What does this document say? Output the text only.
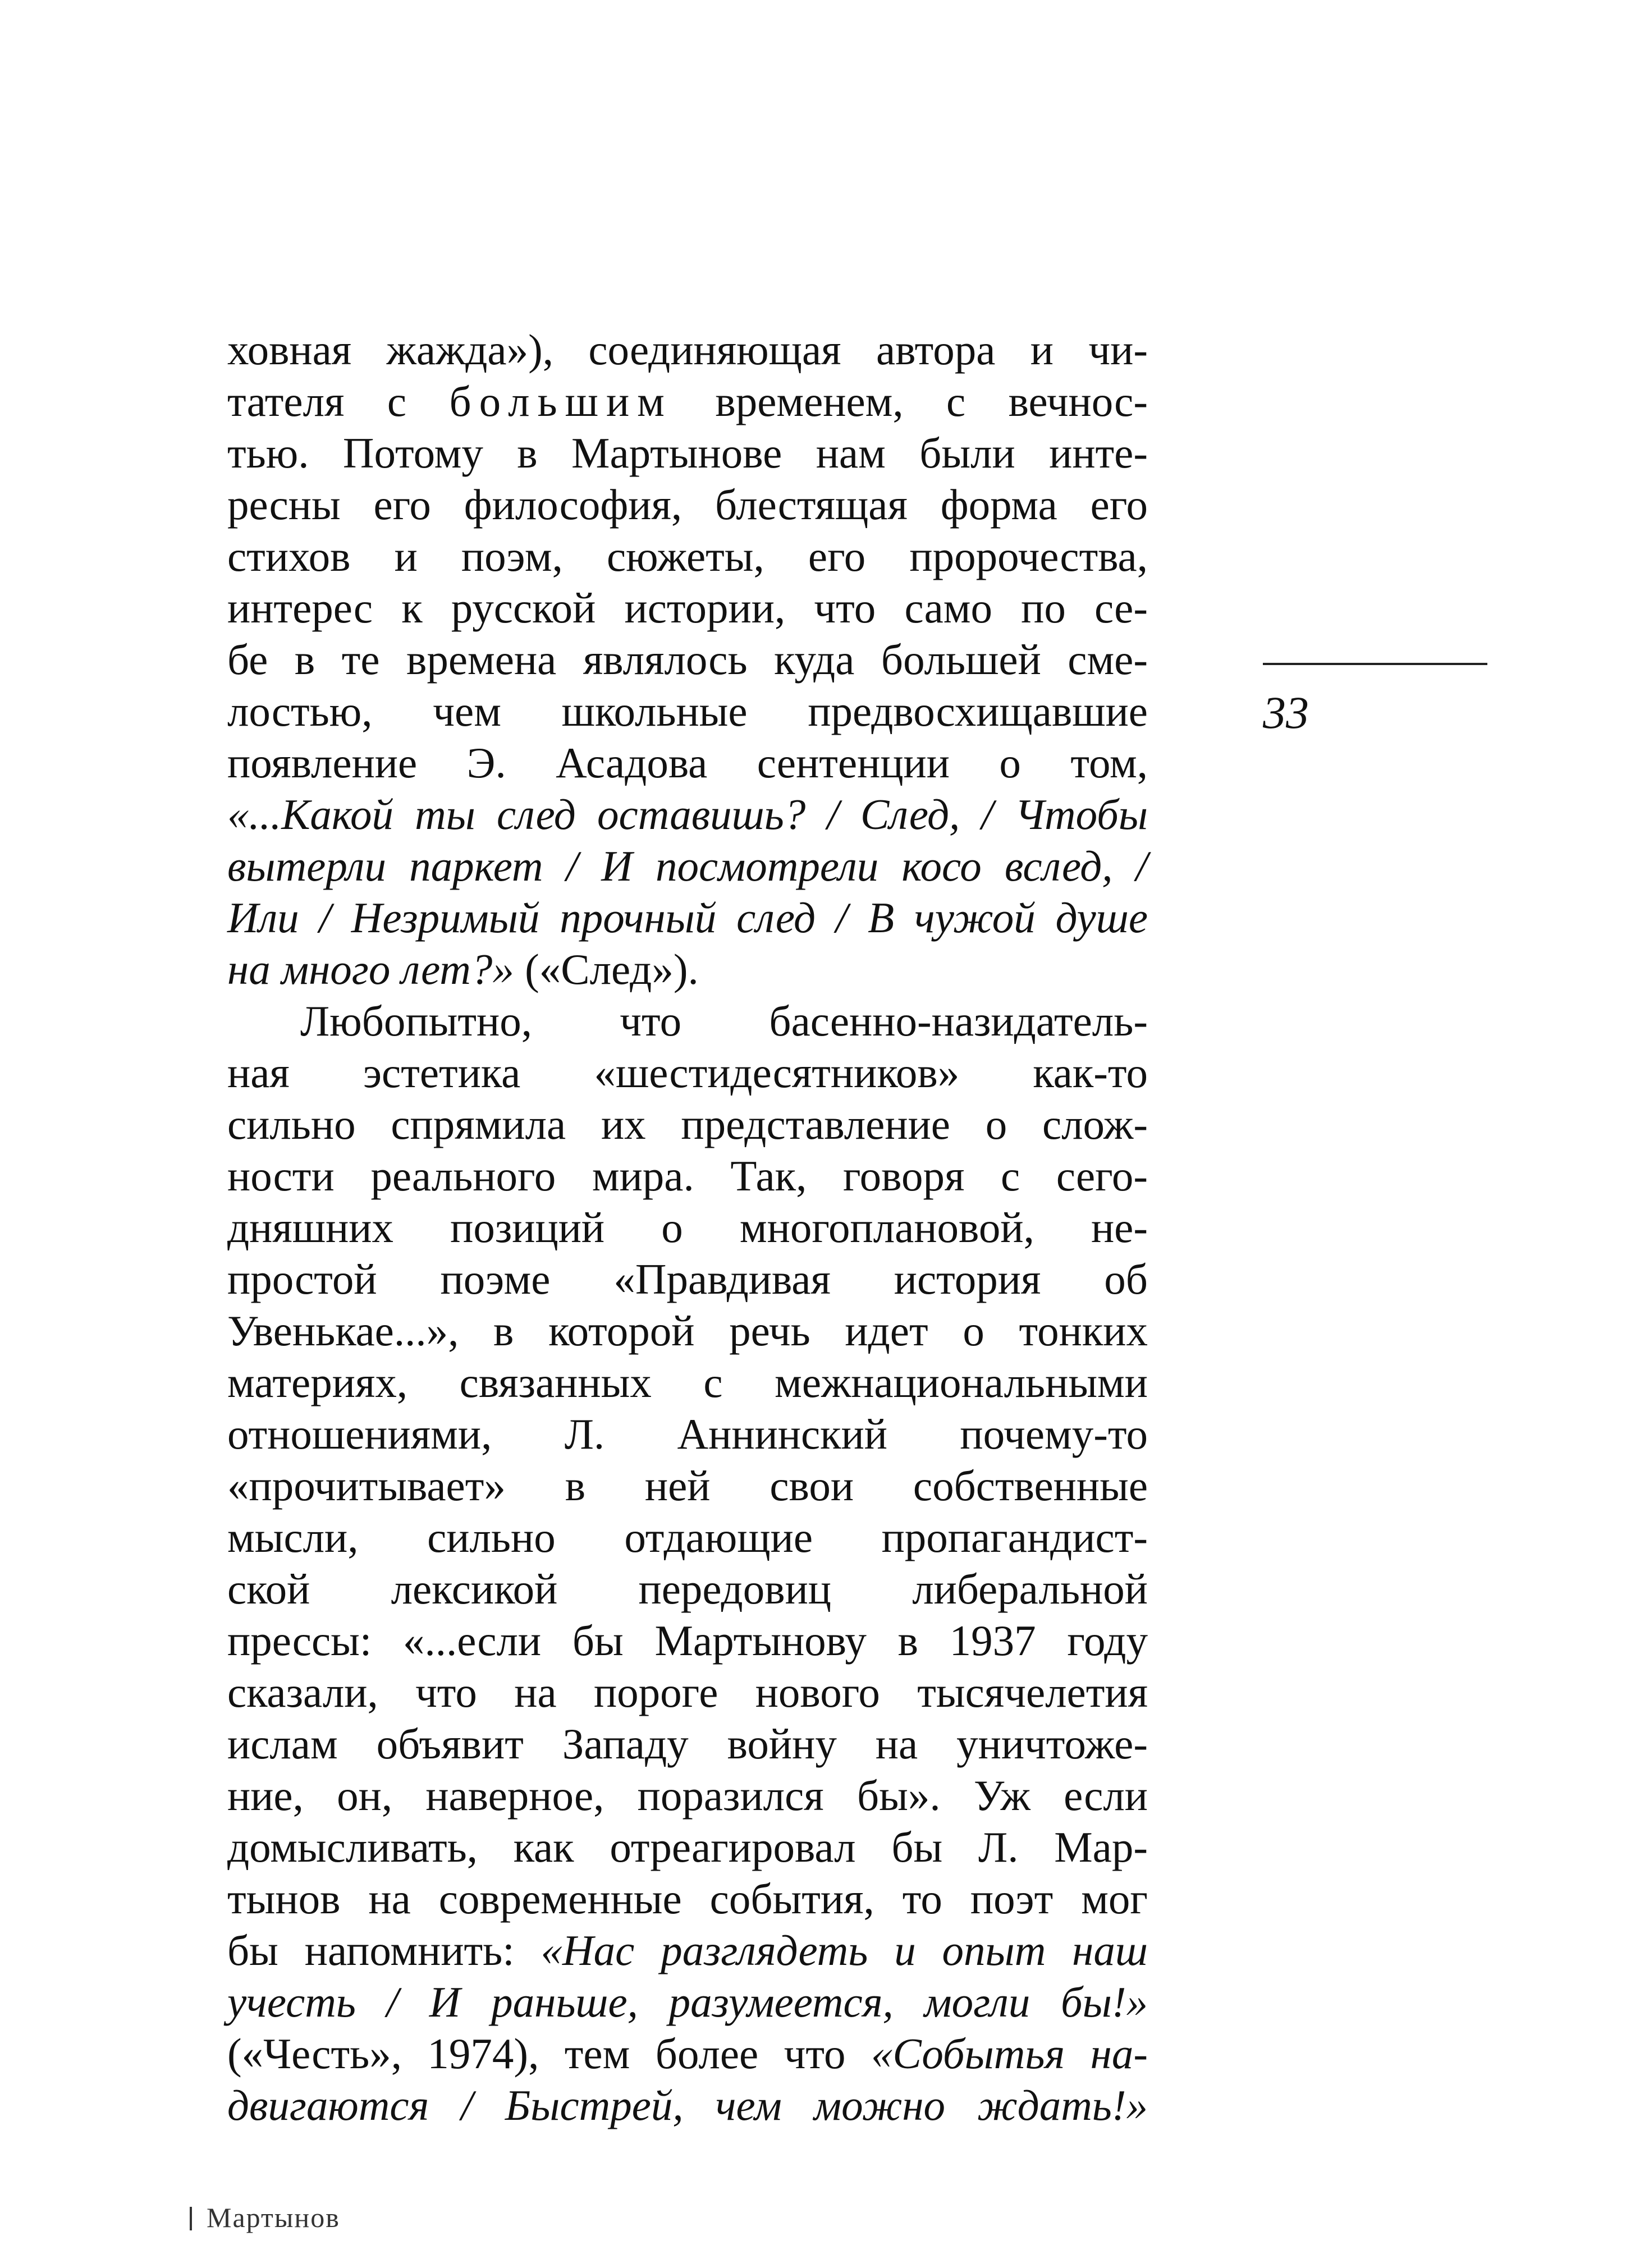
ховная жажда»), соединяющая автора и чи-
тателя с большим временем, с вечнос-
тью. Потому в Мартынове нам были инте-
ресны его философия, блестящая форма его
стихов и поэм, сюжеты, его пророчества,
интерес к русской истории, что само по се-
бе в те времена являлось куда большей сме-
лостью, чем школьные предвосхищавшие
появление Э. Асадова сентенции о том,
«...Какой ты след оставишь? / След, / Чтобы
вытерли паркет / И посмотрели косо вслед, /
Или / Незримый прочный след / В чужой душе
на много лет?» («След»).
Любопытно, что басенно-назидатель-
ная эстетика «шестидесятников» как-то
сильно спрямила их представление о слож-
ности реального мира. Так, говоря с сего-
дняшних позиций о многоплановой, не-
простой поэме «Правдивая история об
Увенькае...», в которой речь идет о тонких
материях, связанных с межнациональными
отношениями, Л. Аннинский почему-то
«прочитывает» в ней свои собственные
мысли, сильно отдающие пропагандист-
ской лексикой передовиц либеральной
прессы: «...если бы Мартынову в 1937 году
сказали, что на пороге нового тысячелетия
ислам объявит Западу войну на уничтоже-
ние, он, наверное, поразился бы». Уж если
домысливать, как отреагировал бы Л. Мар-
тынов на современные события, то поэт мог
бы напомнить: «Нас разглядеть и опыт наш
учесть / И раньше, разумеется, могли бы!»
(«Честь», 1974), тем более что «Событья на-
двигаются / Быстрей, чем можно ждать!»
33
Мартынов
